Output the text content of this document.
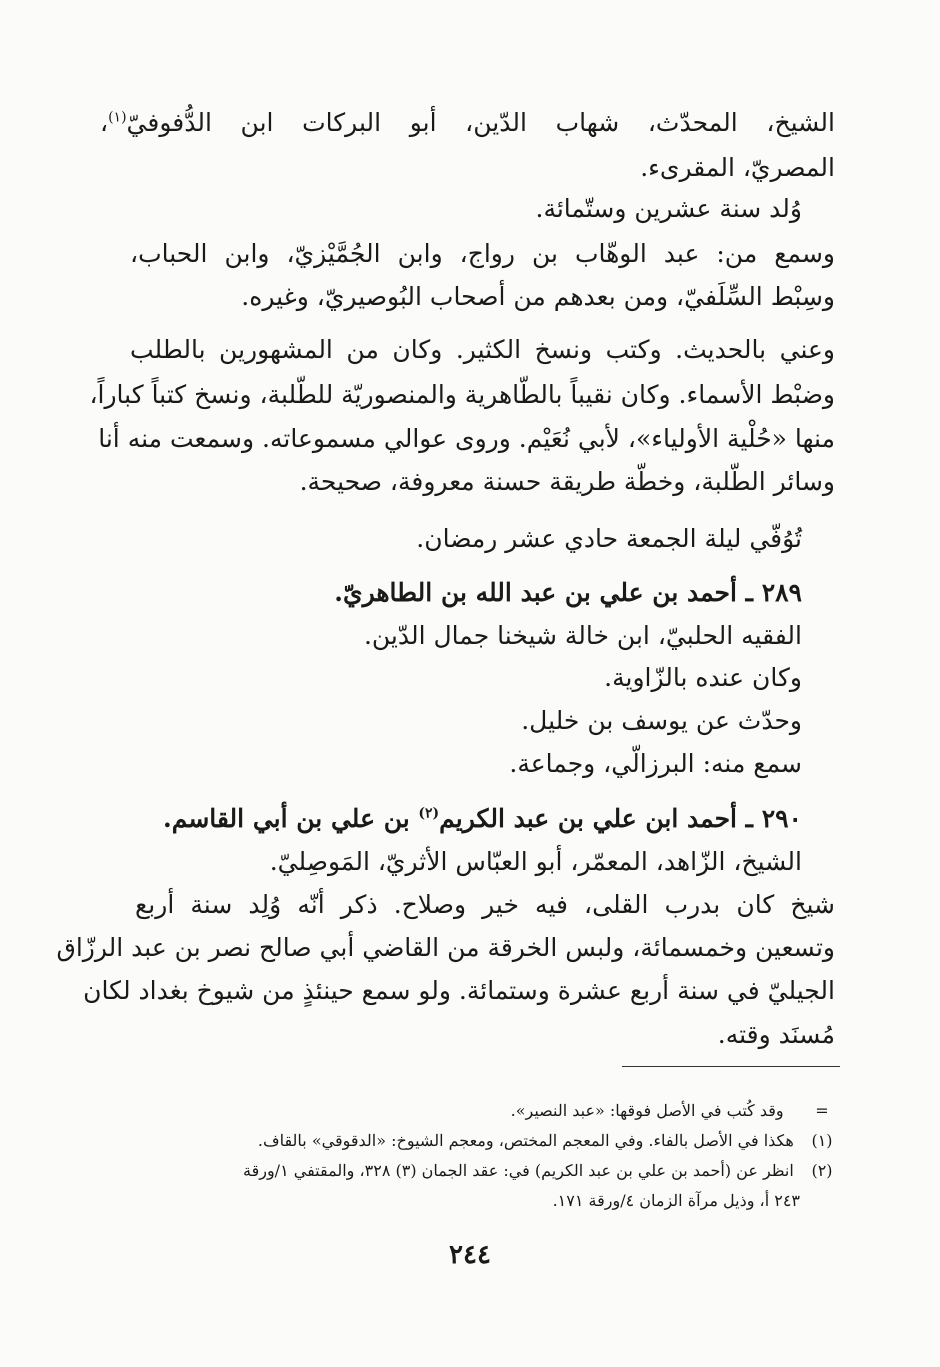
الشيخ، المحدّث، شهاب الدّين، أبو البركات ابن الدُّفوفيّ$^{(١)}$،
المصريّ، المقرىء.
وُلد سنة عشرين وستّمائة.
وسمع من: عبد الوهّاب بن رواج، وابن الجُمَّيْزيّ، وابن الحباب،
وسِبْط السِّلَفيّ، ومن بعدهم من أصحاب البُوصيريّ، وغيره.
وعني بالحديث. وكتب ونسخ الكثير. وكان من المشهورين بالطلب
وضبْط الأسماء. وكان نقيباً بالطّاهرية والمنصوريّة للطّلبة، ونسخ كتباً كباراً،
منها «حُلْية الأولياء»، لأبي نُعَيْم. وروى عوالي مسموعاته. وسمعت منه أنا
وسائر الطّلبة، وخطّة طريقة حسنة معروفة، صحيحة.
تُوُفّي ليلة الجمعة حادي عشر رمضان.
٢٨٩ ـ أحمد بن علي بن عبد الله بن الطاهريّ.
الفقيه الحلبيّ، ابن خالة شيخنا جمال الدّين.
وكان عنده بالزّاوية.
وحدّث عن يوسف بن خليل.
سمع منه: البرزالّي، وجماعة.
٢٩٠ ـ أحمد ابن علي بن عبد الكريم$^{(٢)}$ بن علي بن أبي القاسم.
الشيخ، الزّاهد، المعمّر، أبو العبّاس الأثريّ، المَوصِليّ.
شيخ كان بدرب القلى، فيه خير وصلاح. ذكر أنّه وُلِد سنة أربع
وتسعين وخمسمائة، ولبس الخرقة من القاضي أبي صالح نصر بن عبد الرزّاق
الجيليّ في سنة أربع عشرة وستمائة. ولو سمع حينئذٍ من شيوخ بغداد لكان
مُسنَد وقته.
=    وقد كُتب في الأصل فوقها: «عبد النصير».
(١)  هكذا في الأصل بالفاء. وفي المعجم المختص، ومعجم الشيوخ: «الدقوقي» بالقاف.
(٢)  انظر عن (أحمد بن علي بن عبد الكريم) في: عقد الجمان (٣) ٣٢٨، والمقتفي ١/ورقة
٢٤٣ أ، وذيل مرآة الزمان ٤/ورقة ١٧١.
٢٤٤
